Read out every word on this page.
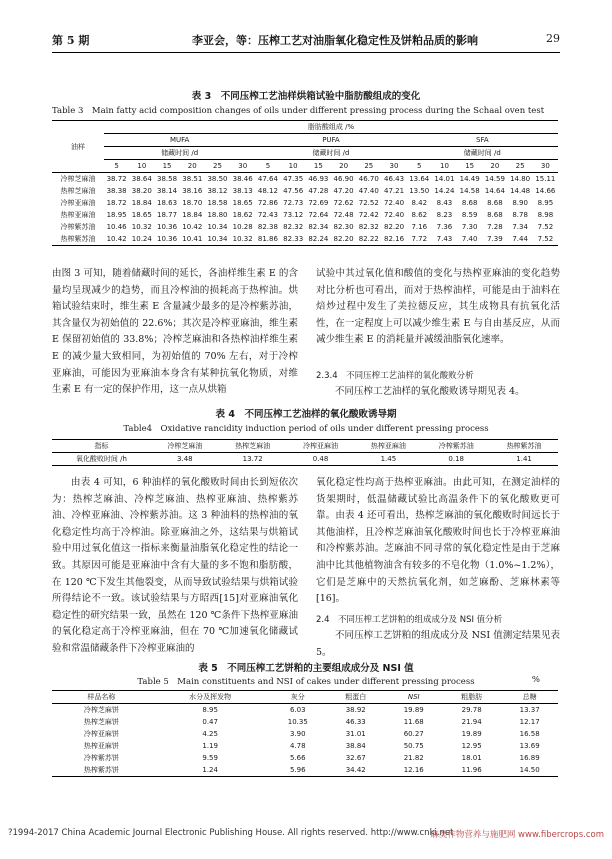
第 5 期	李亚会，等：压榨工艺对油脂氧化稳定性及饼粕品质的影响	29
表 3　不同压榨工艺油样烘箱试验中脂肪酸组成的变化
Table 3　Main fatty acid composition changes of oils under different pressing process during the Schaal oven test
油样	脂肪酸组成 /%																	
	MUFA						PUFA						SFA					
	储藏时间 /d						储藏时间 /d						储藏时间 /d					
	5	10	15	20	25	30	5	10	15	20	25	30	5	10	15	20	25	30
冷榨芝麻油	38.72	38.64	38.58	38.51	38.50	38.46	47.64	47.35	46.93	46.90	46.70	46.43	13.64	14.01	14.49	14.59	14.80	15.11
热榨芝麻油	38.38	38.20	38.14	38.16	38.12	38.13	48.12	47.56	47.28	47.20	47.40	47.21	13.50	14.24	14.58	14.64	14.48	14.66
冷榨亚麻油	18.72	18.84	18.63	18.70	18.58	18.65	72.86	72.73	72.69	72.62	72.52	72.40	8.42	8.43	8.68	8.68	8.90	8.95
热榨亚麻油	18.95	18.65	18.77	18.84	18.80	18.62	72.43	73.12	72.64	72.48	72.42	72.40	8.62	8.23	8.59	8.68	8.78	8.98
冷榨紫苏油	10.46	10.32	10.36	10.42	10.34	10.28	82.38	82.32	82.34	82.30	82.32	82.20	7.16	7.36	7.30	7.28	7.34	7.52
热榨紫苏油	10.42	10.24	10.36	10.41	10.34	10.32	81.86	82.33	82.24	82.20	82.22	82.16	7.72	7.43	7.40	7.39	7.44	7.52
由图 3 可知，随着储藏时间的延长，各油样维生素 E 的含量均呈现减少的趋势，而且冷榨油的损耗高于热榨油。烘箱试验结束时，维生素 E 含量减少最多的是冷榨紫苏油，其含量仅为初始值的 22.6%；其次是冷榨亚麻油，维生素 E 保留初始值的 33.8%；冷榨芝麻油和各热榨油样维生素 E 的减少量大致相同，为初始值的 70% 左右，对于冷榨亚麻油，可能因为亚麻油本身含有某种抗氧化物质，对维生素 E 有一定的保护作用，这一点从烘箱
试验中其过氧化值和酸值的变化与热榨亚麻油的变化趋势对比分析也可看出，而对于热榨油样，可能是由于油料在焙炒过程中发生了美拉德反应，其生成物具有抗氧化活性，在一定程度上可以减少维生素 E 与自由基反应，从而减少维生素 E 的消耗量并减缓油脂氧化速率。
2.3.4　不同压榨工艺油样的氧化酸败分析
不同压榨工艺油样的氧化酸败诱导期见表 4。
表 4　不同压榨工艺油样的氧化酸败诱导期
Table4　Oxidative rancidity induction period of oils under different pressing process
指标	冷榨芝麻油	热榨芝麻油	冷榨亚麻油	热榨亚麻油	冷榨紫苏油	热榨紫苏油
氧化酸败时间 /h	3.48	13.72	0.48	1.45	0.18	1.41
由表 4 可知，6 种油样的氧化酸败时间由长到短依次为：热榨芝麻油、冷榨芝麻油、热榨亚麻油、热榨紫苏油、冷榨亚麻油、冷榨紫苏油。这 3 种油料的热榨油的氧化稳定性均高于冷榨油。除亚麻油之外，这结果与烘箱试验中用过氧化值这一指标来衡量油脂氧化稳定性的结论一致。其原因可能是亚麻油中含有大量的多不饱和脂肪酸，在 120 ℃下发生其他裂变，从而导致试验结果与烘箱试验所得结论不一致。该试验结果与方昭西[15]对亚麻油氧化稳定性的研究结果一致，虽然在 120 ℃条件下热榨亚麻油的氧化稳定高于冷榨亚麻油，但在 70 ℃加速氧化储藏试验和常温储藏条件下冷榨亚麻油的
氧化稳定性均高于热榨亚麻油。由此可知，在测定油样的货架期时，低温储藏试验比高温条件下的氧化酸败更可靠。由表 4 还可看出，热榨芝麻油的氧化酸败时间远长于其他油样，且冷榨芝麻油氧化酸败时间也长于冷榨亚麻油和冷榨紫苏油。芝麻油不同寻常的氧化稳定性是由于芝麻油中比其他植物油含有较多的不皂化物（1.0%~1.2%），它们是芝麻中的天然抗氧化剂，如芝麻酚、芝麻林素等[16]。
2.4　不同压榨工艺饼粕的组成成分及 NSI 值分析
不同压榨工艺饼粕的组成成分及 NSI 值测定结果见表 5。
表 5　不同压榨工艺饼粕的主要组成成分及 NSI 值
Table 5　Main constituents and NSI of cakes under different pressing process	%
样品名称	水分及挥发物	灰分	粗蛋白	NSI	粗脂肪	总糖
冷榨芝麻饼	8.95	6.03	38.92	19.89	29.78	13.37
热榨芝麻饼	0.47	10.35	46.33	11.68	21.94	12.17
冷榨亚麻饼	4.25	3.90	31.01	60.27	19.89	16.58
热榨亚麻饼	1.19	4.78	38.84	50.75	12.95	13.69
冷榨紫苏饼	9.59	5.66	32.67	21.82	18.01	16.89
热榨紫苏饼	1.24	5.96	34.42	12.16	11.96	14.50
?1994-2017 China Academic Journal Electronic Publishing House. All rights reserved. http://www.cnki.net
麻类作物营养与施肥网 www.fibercrops.com
